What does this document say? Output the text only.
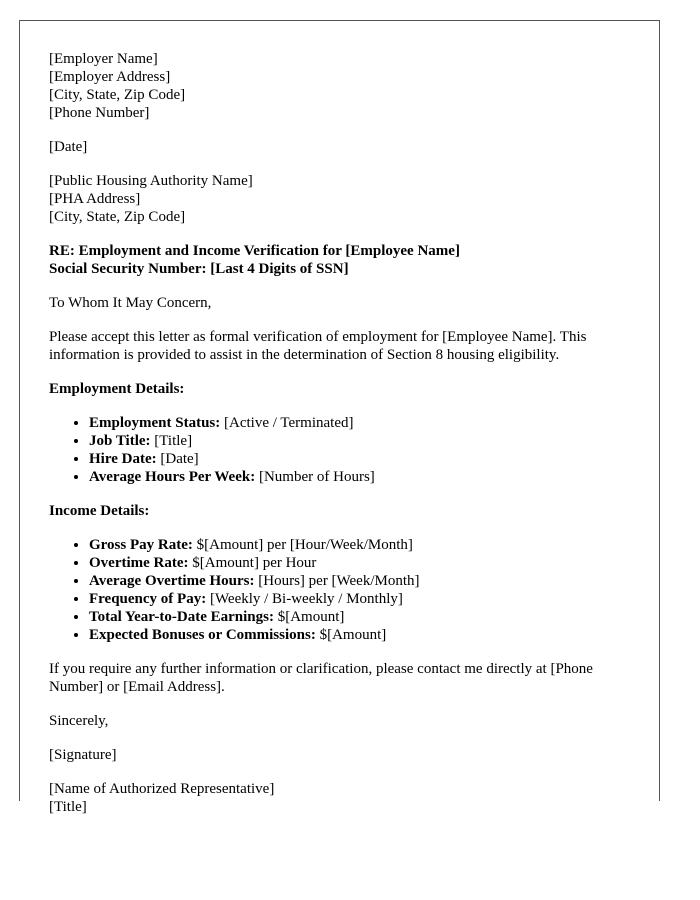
[Employer Name]
[Employer Address]
[City, State, Zip Code]
[Phone Number]

[Date]

[Public Housing Authority Name]
[PHA Address]
[City, State, Zip Code]
RE: Employment and Income Verification for [Employee Name]
Social Security Number: [Last 4 Digits of SSN]

To Whom It May Concern,

Please accept this letter as formal verification of employment for [Employee Name]. This information is provided to assist in the determination of Section 8 housing eligibility.

Employment Details:
• Employment Status: [Active / Terminated]
• Job Title: [Title]
• Hire Date: [Date]
• Average Hours Per Week: [Number of Hours]
Income Details:
• Gross Pay Rate: $[Amount] per [Hour/Week/Month]
• Overtime Rate: $[Amount] per Hour
• Average Overtime Hours: [Hours] per [Week/Month]
• Frequency of Pay: [Weekly / Bi-weekly / Monthly]
• Total Year-to-Date Earnings: $[Amount]
• Expected Bonuses or Commissions: $[Amount]

If you require any further information or clarification, please contact me directly at [Phone Number] or [Email Address].

Sincerely,

[Signature]

[Name of Authorized Representative]
[Title]
